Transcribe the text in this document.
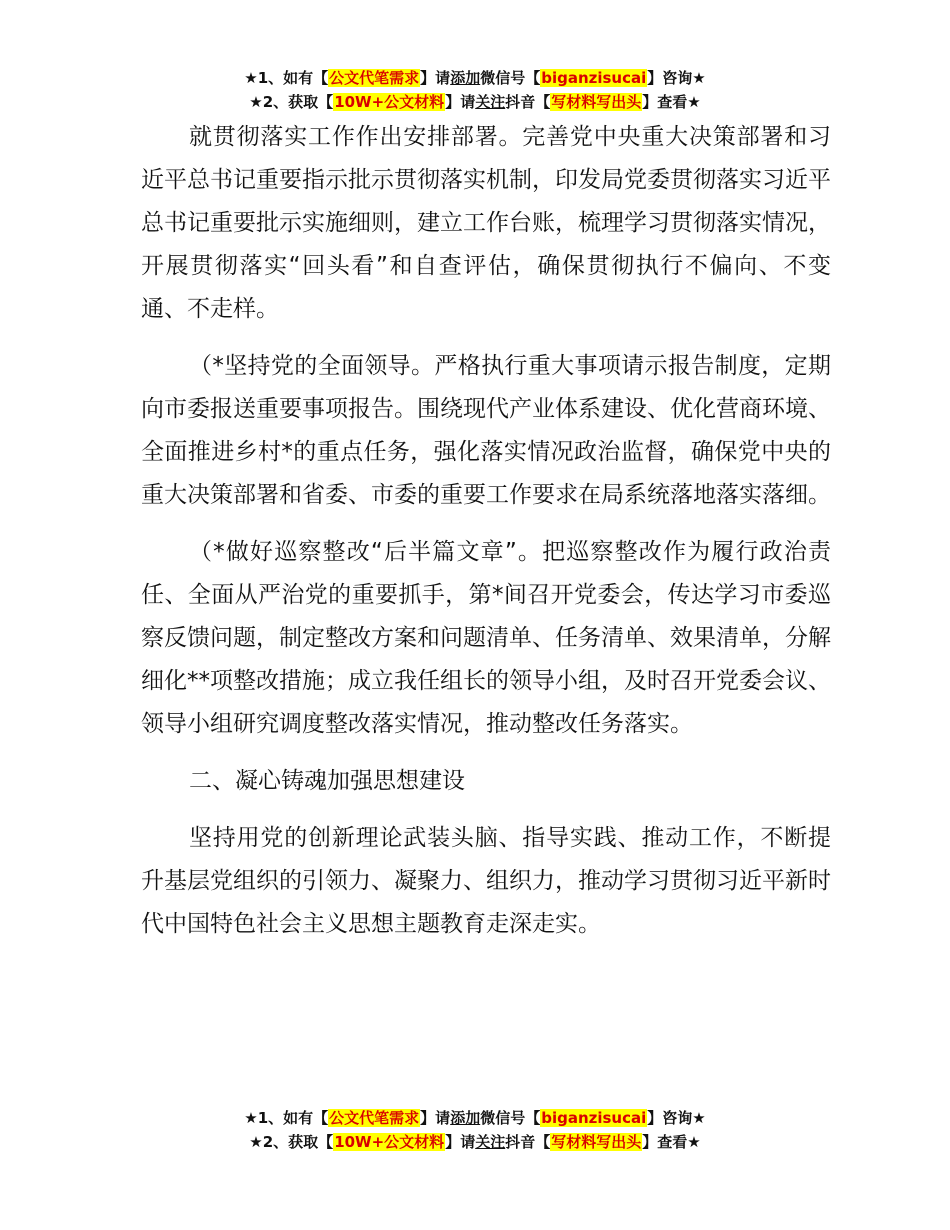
★1、如有【公文代笔需求】请添加微信号【biganzisucai】咨询★
★2、获取【10W+公文材料】请关注抖音【写材料写出头】查看★

就贯彻落实工作作出安排部署。完善党中央重大决策部署和习近平总书记重要指示批示贯彻落实机制，印发局党委贯彻落实习近平总书记重要批示实施细则，建立工作台账，梳理学习贯彻落实情况，开展贯彻落实“回头看”和自查评估，确保贯彻执行不偏向、不变通、不走样。

（*坚持党的全面领导。严格执行重大事项请示报告制度，定期向市委报送重要事项报告。围绕现代产业体系建设、优化营商环境、全面推进乡村*的重点任务，强化落实情况政治监督，确保党中央的重大决策部署和省委、市委的重要工作要求在局系统落地落实落细。

（*做好巡察整改“后半篇文章”。把巡察整改作为履行政治责任、全面从严治党的重要抓手，第*间召开党委会，传达学习市委巡察反馈问题，制定整改方案和问题清单、任务清单、效果清单，分解细化**项整改措施；成立我任组长的领导小组，及时召开党委会议、领导小组研究调度整改落实情况，推动整改任务落实。

二、凝心铸魂加强思想建设

坚持用党的创新理论武装头脑、指导实践、推动工作，不断提升基层党组织的引领力、凝聚力、组织力，推动学习贯彻习近平新时代中国特色社会主义思想主题教育走深走实。

★1、如有【公文代笔需求】请添加微信号【biganzisucai】咨询★
★2、获取【10W+公文材料】请关注抖音【写材料写出头】查看★
